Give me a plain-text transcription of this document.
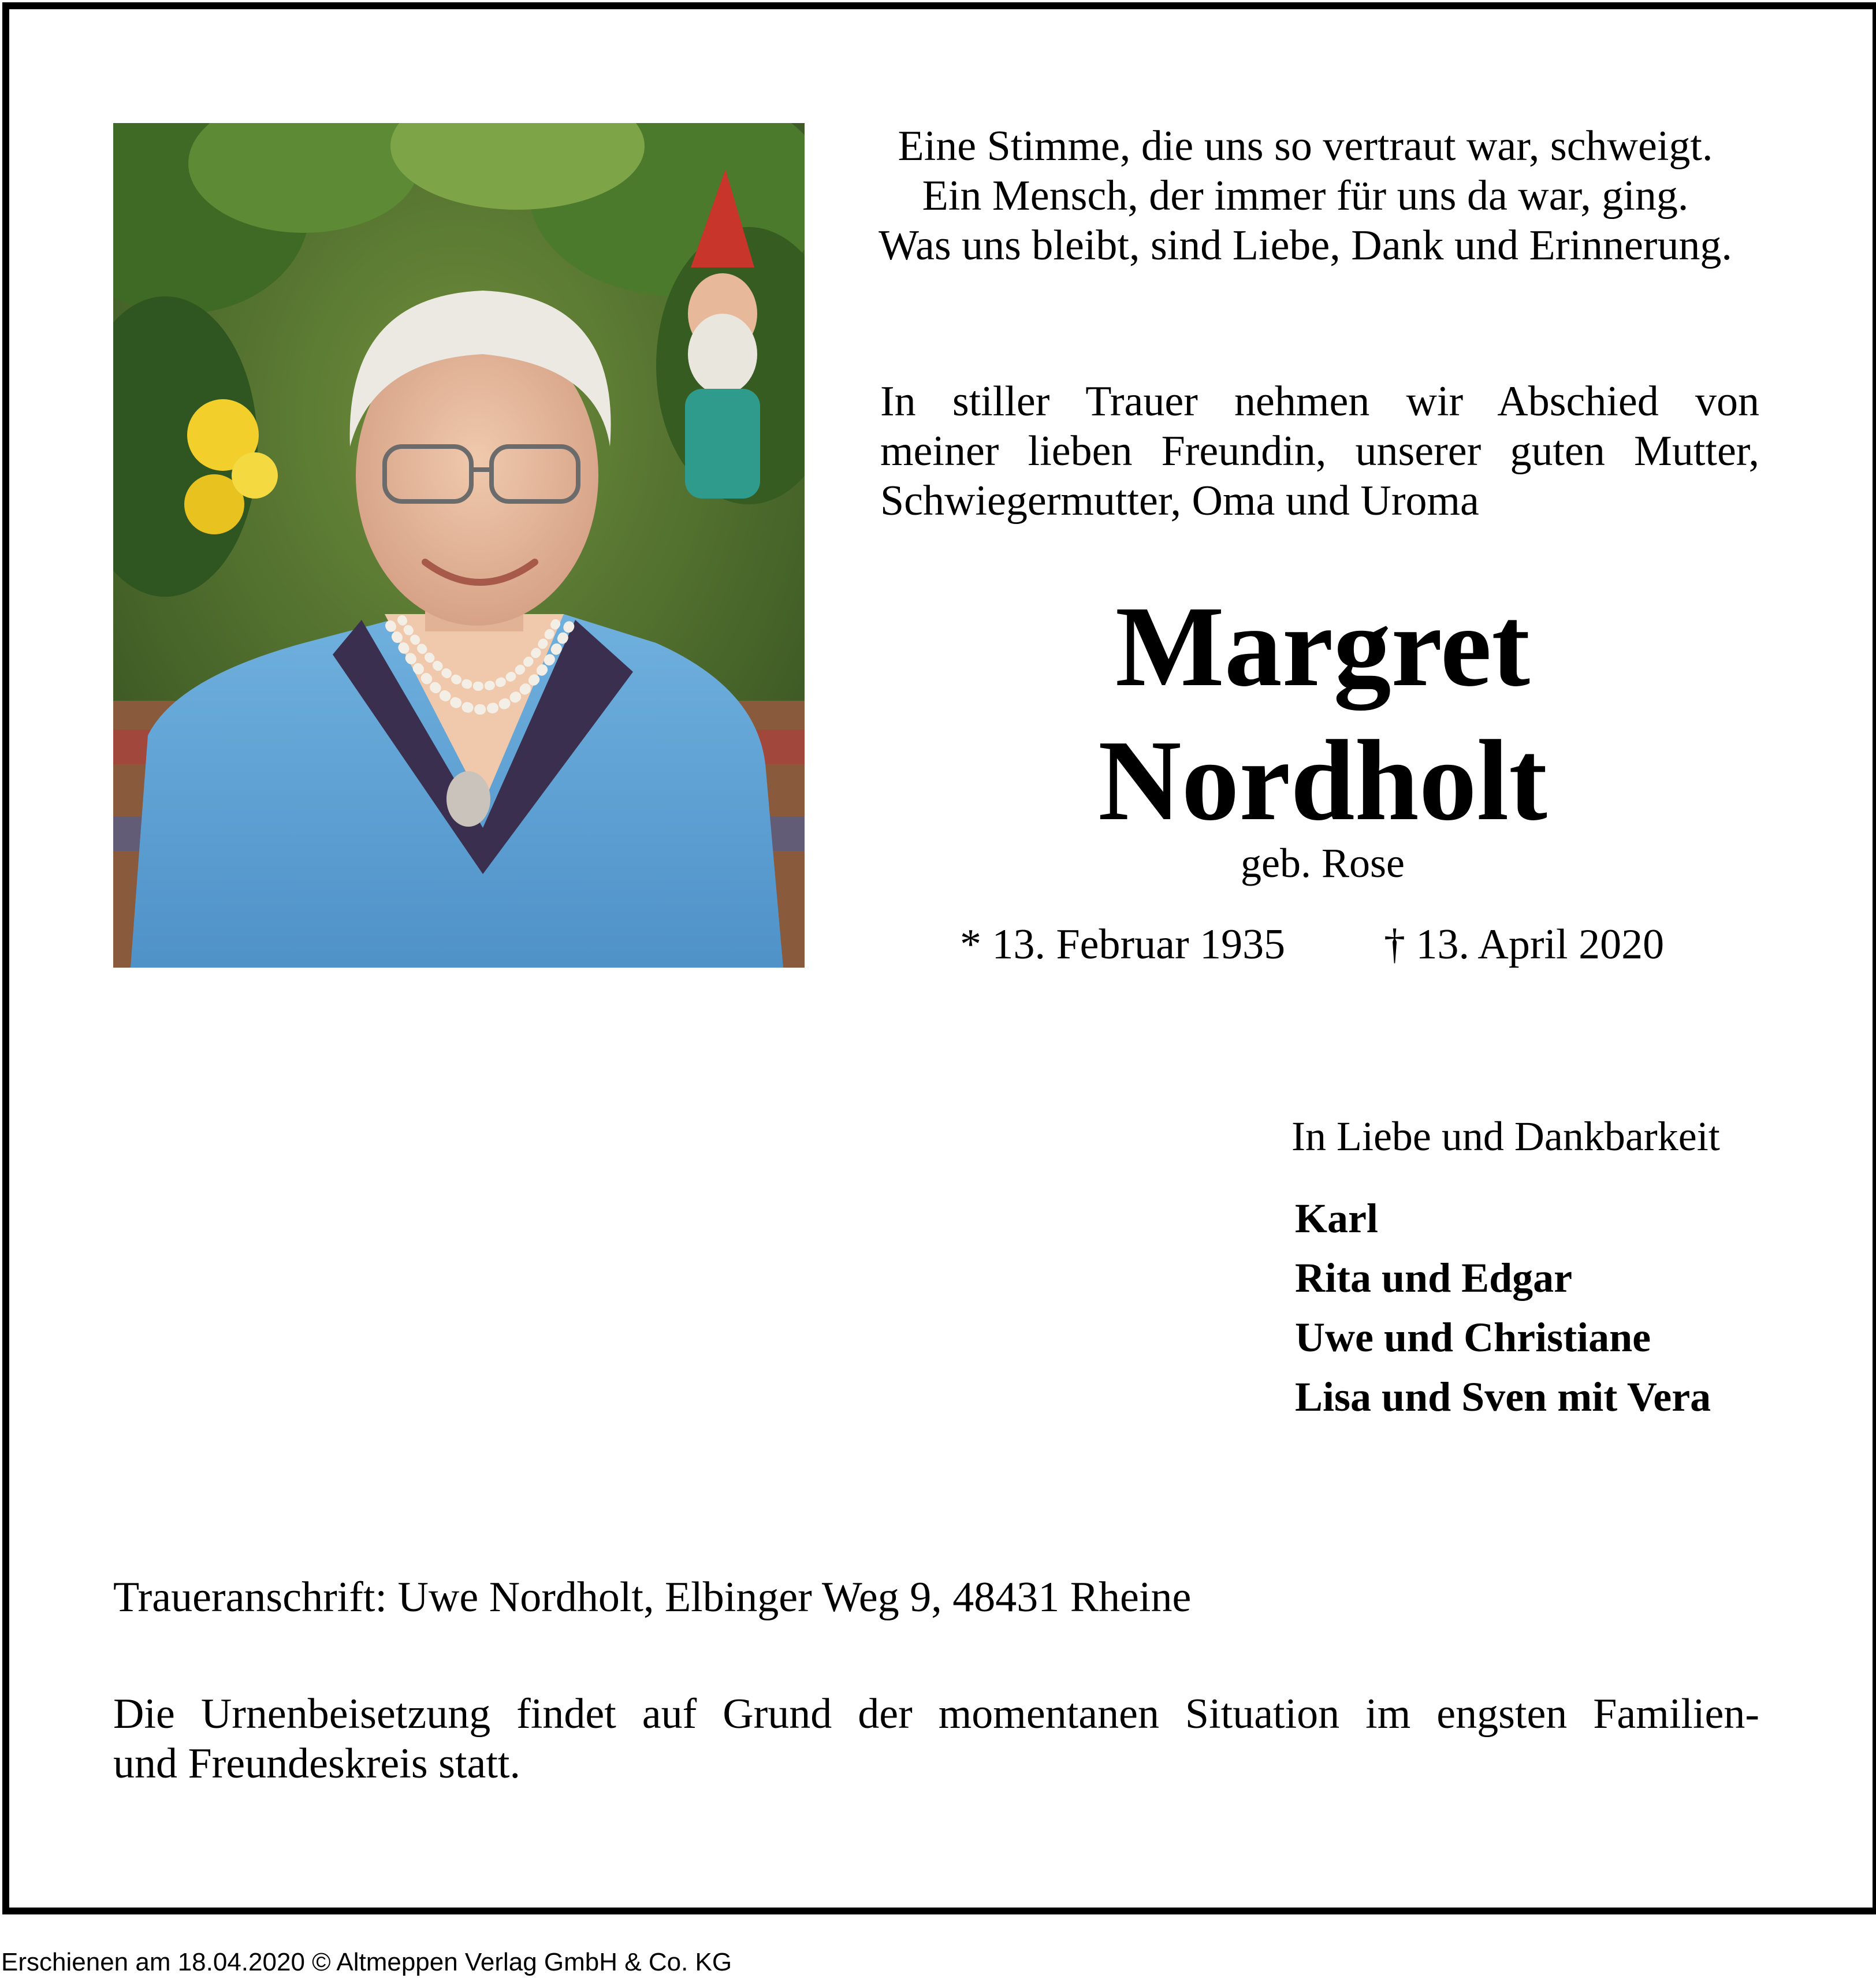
Eine Stimme, die uns so vertraut war, schweigt.
Ein Mensch, der immer für uns da war, ging.
Was uns bleibt, sind Liebe, Dank und Erinnerung.
In stiller Trauer nehmen wir Abschied von
meiner lieben Freundin, unserer guten Mutter,
Schwiegermutter, Oma und Uroma
Margret
Nordholt
geb. Rose
* 13. Februar 1935 † 13. April 2020
In Liebe und Dankbarkeit
Karl
Rita und Edgar
Uwe und Christiane
Lisa und Sven mit Vera
Traueranschrift: Uwe Nordholt, Elbinger Weg 9, 48431 Rheine
Die Urnenbeisetzung findet auf Grund der momentanen Situation im engsten Familien-
und Freundeskreis statt.
Erschienen am 18.04.2020 © Altmeppen Verlag GmbH & Co. KG
